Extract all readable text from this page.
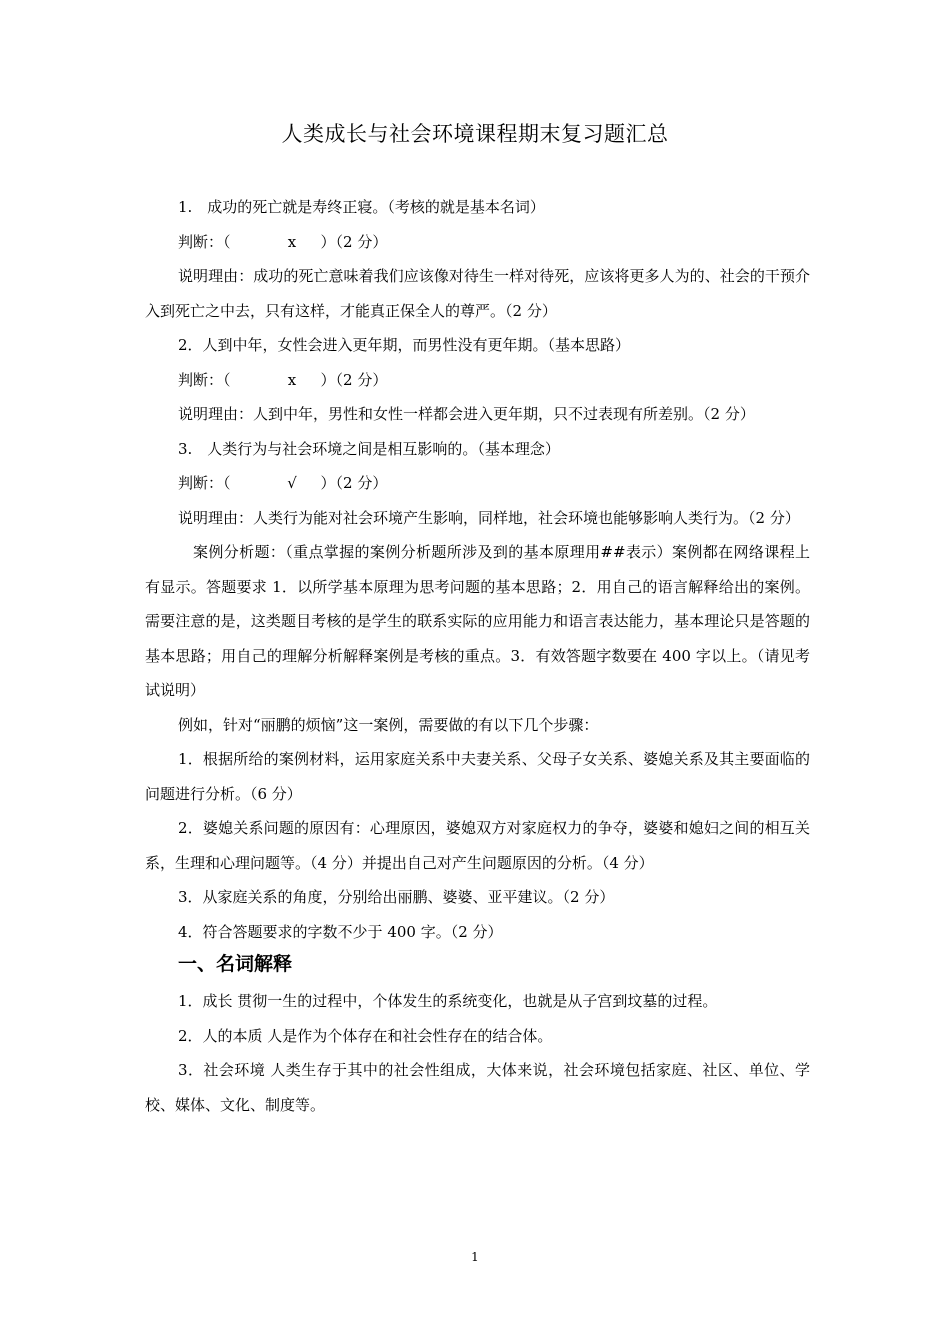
人类成长与社会环境课程期末复习题汇总

1.　成功的死亡就是寿终正寝。（考核的就是基本名词）

判断：（	x ）（2 分）

说明理由：成功的死亡意味着我们应该像对待生一样对待死，应该将更多人为的、社会的干预介入到死亡之中去，只有这样，才能真正保全人的尊严。（2 分）

2．人到中年，女性会进入更年期，而男性没有更年期。（基本思路）

判断：（	x ）（2 分）

说明理由：人到中年，男性和女性一样都会进入更年期，只不过表现有所差别。（2 分）

3.　人类行为与社会环境之间是相互影响的。（基本理念）

判断：（	√ ）（2 分）

说明理由：人类行为能对社会环境产生影响，同样地，社会环境也能够影响人类行为。（2 分）

案例分析题：（重点掌握的案例分析题所涉及到的基本原理用##表示）案例都在网络课程上有显示。答题要求 1．以所学基本原理为思考问题的基本思路；2．用自己的语言解释给出的案例。需要注意的是，这类题目考核的是学生的联系实际的应用能力和语言表达能力，基本理论只是答题的基本思路；用自己的理解分析解释案例是考核的重点。3．有效答题字数要在 400 字以上。（请见考试说明）

例如，针对“丽鹏的烦恼”这一案例，需要做的有以下几个步骤：

1．根据所给的案例材料，运用家庭关系中夫妻关系、父母子女关系、婆媳关系及其主要面临的问题进行分析。（6 分）

2．婆媳关系问题的原因有：心理原因，婆媳双方对家庭权力的争夺，婆婆和媳妇之间的相互关系，生理和心理问题等。（4 分）并提出自己对产生问题原因的分析。（4 分）

3．从家庭关系的角度，分别给出丽鹏、婆婆、亚平建议。（2 分）

4．符合答题要求的字数不少于 400 字。（2 分）

一、名词解释

1．成长 贯彻一生的过程中，个体发生的系统变化，也就是从子宫到坟墓的过程。

2．人的本质 人是作为个体存在和社会性存在的结合体。

3．社会环境 人类生存于其中的社会性组成，大体来说，社会环境包括家庭、社区、单位、学校、媒体、文化、制度等。

1
